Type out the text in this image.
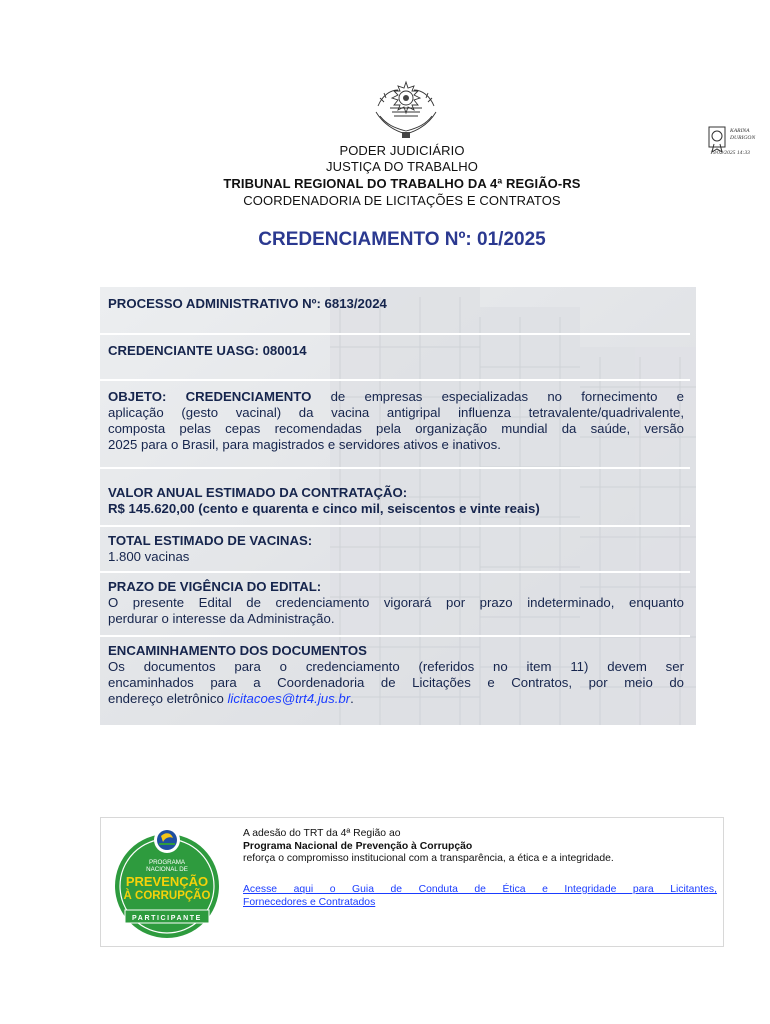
KARINA DURIGON
19/02/2025 14:33
PODER JUDICIÁRIO
JUSTIÇA DO TRABALHO
TRIBUNAL REGIONAL DO TRABALHO DA 4ª REGIÃO-RS
COORDENADORIA DE LICITAÇÕES E CONTRATOS
CREDENCIAMENTO Nº: 01/2025
PROCESSO ADMINISTRATIVO Nº: 6813/2024
CREDENCIANTE UASG: 080014
OBJETO: CREDENCIAMENTO de empresas especializadas no fornecimento e
aplicação (gesto vacinal) da vacina antigripal influenza tetravalente/quadrivalente,
composta pelas cepas recomendadas pela organização mundial da saúde, versão
2025 para o Brasil, para magistrados e servidores ativos e inativos.
VALOR ANUAL ESTIMADO DA CONTRATAÇÃO:
R$ 145.620,00 (cento e quarenta e cinco mil, seiscentos e vinte reais)
TOTAL ESTIMADO DE VACINAS:
1.800 vacinas
PRAZO DE VIGÊNCIA DO EDITAL:
O presente Edital de credenciamento vigorará por prazo indeterminado, enquanto
perdurar o interesse da Administração.
ENCAMINHAMENTO DOS DOCUMENTOS
Os documentos para o credenciamento (referidos no item 11) devem ser
encaminhados para a Coordenadoria de Licitações e Contratos, por meio do
endereço eletrônico licitacoes@trt4.jus.br.
PROGRAMA
NACIONAL DE
PREVENÇÃO
À CORRUPÇÃO
PARTICIPANTE
A adesão do TRT da 4ª Região ao
Programa Nacional de Prevenção à Corrupção
reforça o compromisso institucional com a transparência, a ética e a integridade.
Acesse aqui o Guia de Conduta de Ética e Integridade para Licitantes,
Fornecedores e Contratados
